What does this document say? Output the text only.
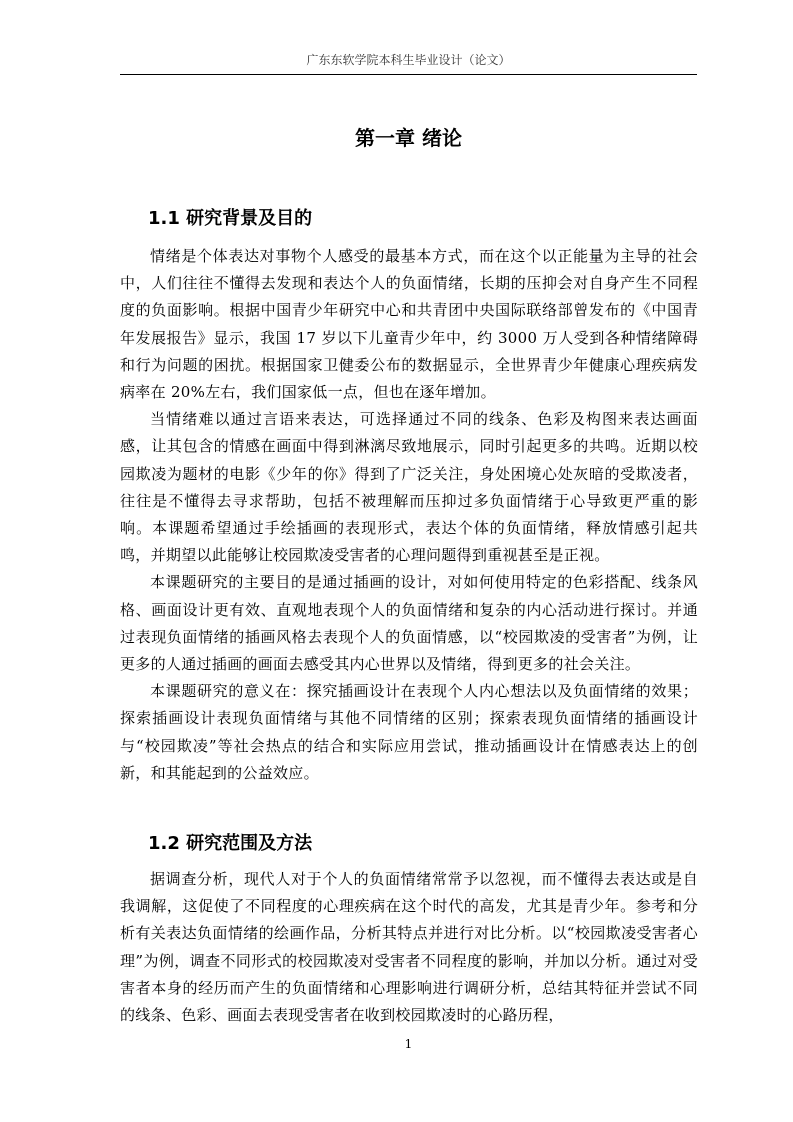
广东东软学院本科生毕业设计（论文）
第一章 绪论
1.1 研究背景及目的

情绪是个体表达对事物个人感受的最基本方式，而在这个以正能量为主导的社会中，人们往往不懂得去发现和表达个人的负面情绪，长期的压抑会对自身产生不同程度的负面影响。根据中国青少年研究中心和共青团中央国际联络部曾发布的《中国青年发展报告》显示，我国 17 岁以下儿童青少年中，约 3000 万人受到各种情绪障碍和行为问题的困扰。根据国家卫健委公布的数据显示，全世界青少年健康心理疾病发病率在 20%左右，我们国家低一点，但也在逐年增加。

当情绪难以通过言语来表达，可选择通过不同的线条、色彩及构图来表达画面感，让其包含的情感在画面中得到淋漓尽致地展示，同时引起更多的共鸣。近期以校园欺凌为题材的电影《少年的你》得到了广泛关注，身处困境心处灰暗的受欺凌者，往往是不懂得去寻求帮助，包括不被理解而压抑过多负面情绪于心导致更严重的影响。本课题希望通过手绘插画的表现形式，表达个体的负面情绪，释放情感引起共鸣，并期望以此能够让校园欺凌受害者的心理问题得到重视甚至是正视。

本课题研究的主要目的是通过插画的设计，对如何使用特定的色彩搭配、线条风格、画面设计更有效、直观地表现个人的负面情绪和复杂的内心活动进行探讨。并通过表现负面情绪的插画风格去表现个人的负面情感，以“校园欺凌的受害者”为例，让更多的人通过插画的画面去感受其内心世界以及情绪，得到更多的社会关注。

本课题研究的意义在：探究插画设计在表现个人内心想法以及负面情绪的效果；探索插画设计表现负面情绪与其他不同情绪的区别；探索表现负面情绪的插画设计与“校园欺凌”等社会热点的结合和实际应用尝试，推动插画设计在情感表达上的创新，和其能起到的公益效应。

1.2 研究范围及方法

据调查分析，现代人对于个人的负面情绪常常予以忽视，而不懂得去表达或是自我调解，这促使了不同程度的心理疾病在这个时代的高发，尤其是青少年。参考和分析有关表达负面情绪的绘画作品，分析其特点并进行对比分析。以“校园欺凌受害者心理”为例，调查不同形式的校园欺凌对受害者不同程度的影响，并加以分析。通过对受害者本身的经历而产生的负面情绪和心理影响进行调研分析，总结其特征并尝试不同的线条、色彩、画面去表现受害者在收到校园欺凌时的心路历程，

1
